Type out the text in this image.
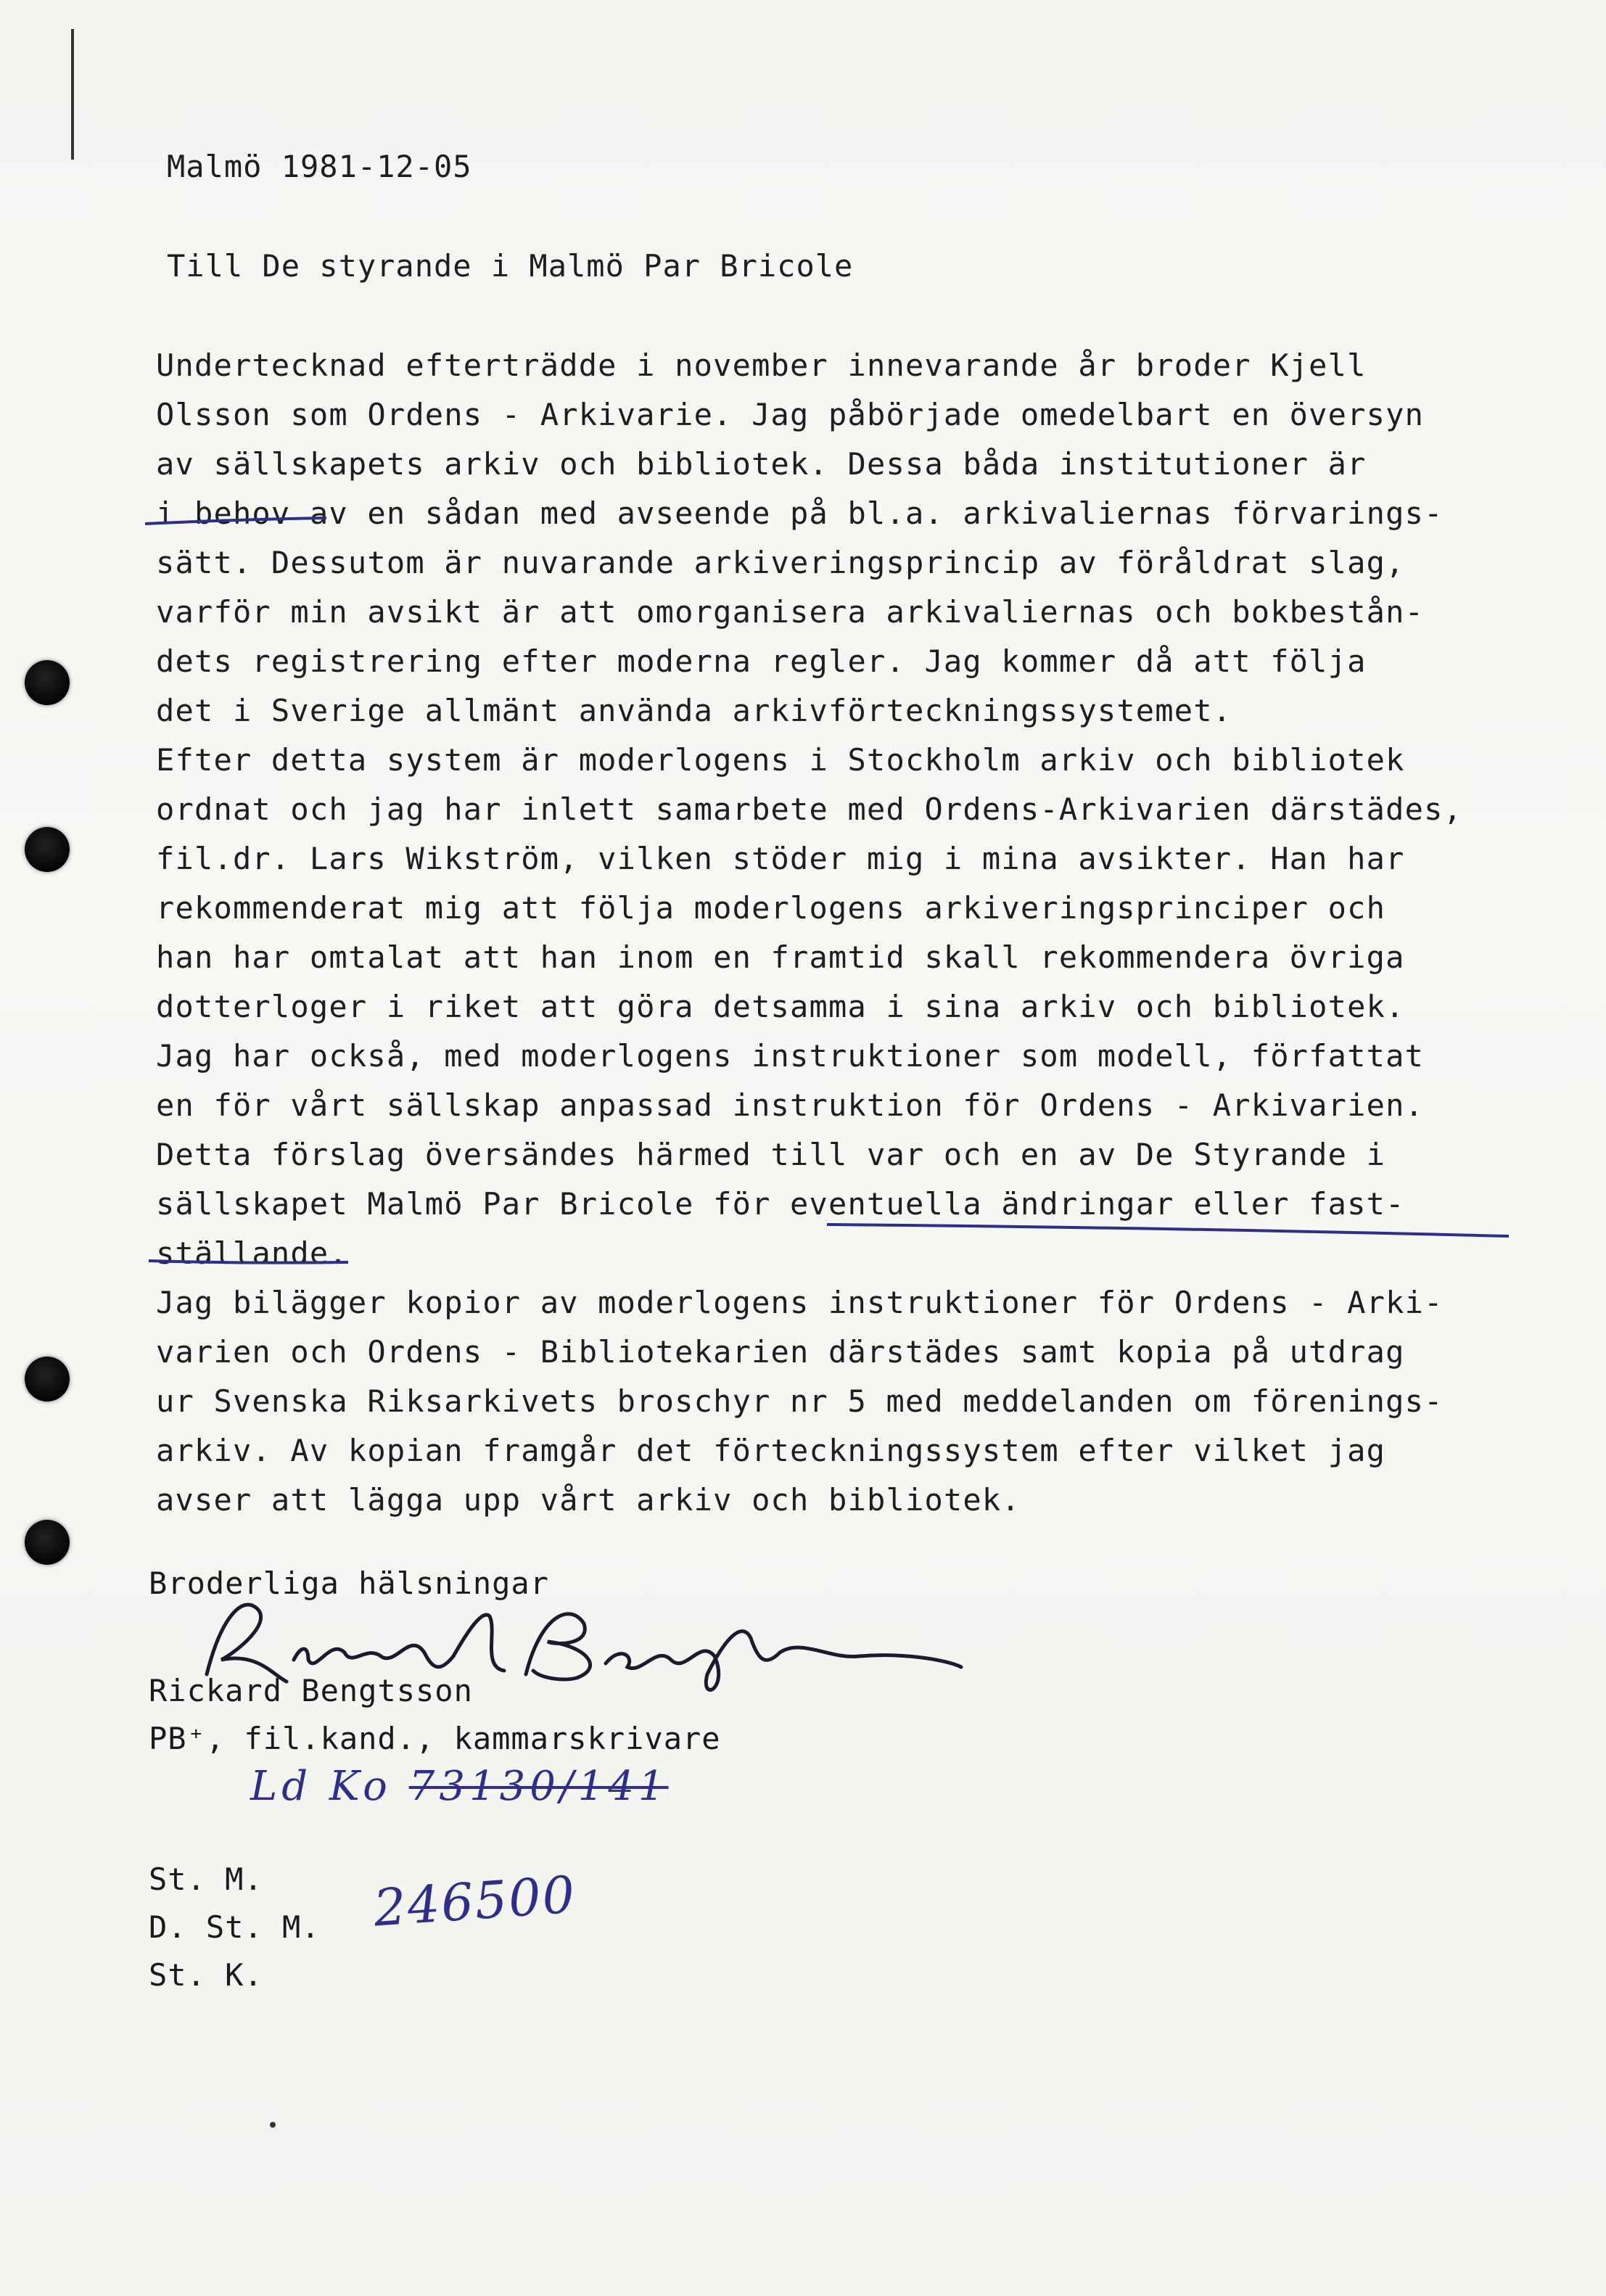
Malmö 1981-12-05
Till De styrande i Malmö Par Bricole
Undertecknad efterträdde i november innevarande år broder Kjell
Olsson som Ordens - Arkivarie. Jag påbörjade omedelbart en översyn
av sällskapets arkiv och bibliotek. Dessa båda institutioner är
i behov av en sådan med avseende på bl.a. arkivaliernas förvarings-
sätt. Dessutom är nuvarande arkiveringsprincip av föråldrat slag,
varför min avsikt är att omorganisera arkivaliernas och bokbestån-
dets registrering efter moderna regler. Jag kommer då att följa
det i Sverige allmänt använda arkivförteckningssystemet.
Efter detta system är moderlogens i Stockholm arkiv och bibliotek
ordnat och jag har inlett samarbete med Ordens-Arkivarien därstädes,
fil.dr. Lars Wikström, vilken stöder mig i mina avsikter. Han har
rekommenderat mig att följa moderlogens arkiveringsprinciper och
han har omtalat att han inom en framtid skall rekommendera övriga
dotterloger i riket att göra detsamma i sina arkiv och bibliotek.
Jag har också, med moderlogens instruktioner som modell, författat
en för vårt sällskap anpassad instruktion för Ordens - Arkivarien.
Detta förslag översändes härmed till var och en av De Styrande i
sällskapet Malmö Par Bricole för eventuella ändringar eller fast-
ställande.
Jag bilägger kopior av moderlogens instruktioner för Ordens - Arki-
varien och Ordens - Bibliotekarien därstädes samt kopia på utdrag
ur Svenska Riksarkivets broschyr nr 5 med meddelanden om förenings-
arkiv. Av kopian framgår det förteckningssystem efter vilket jag
avser att lägga upp vårt arkiv och bibliotek.
Broderliga hälsningar
Rickard Bengtsson
PB⁺, fil.kand., kammarskrivare
Ld Ko 73130/141
246500
St. M.
D. St. M.
St. K.
